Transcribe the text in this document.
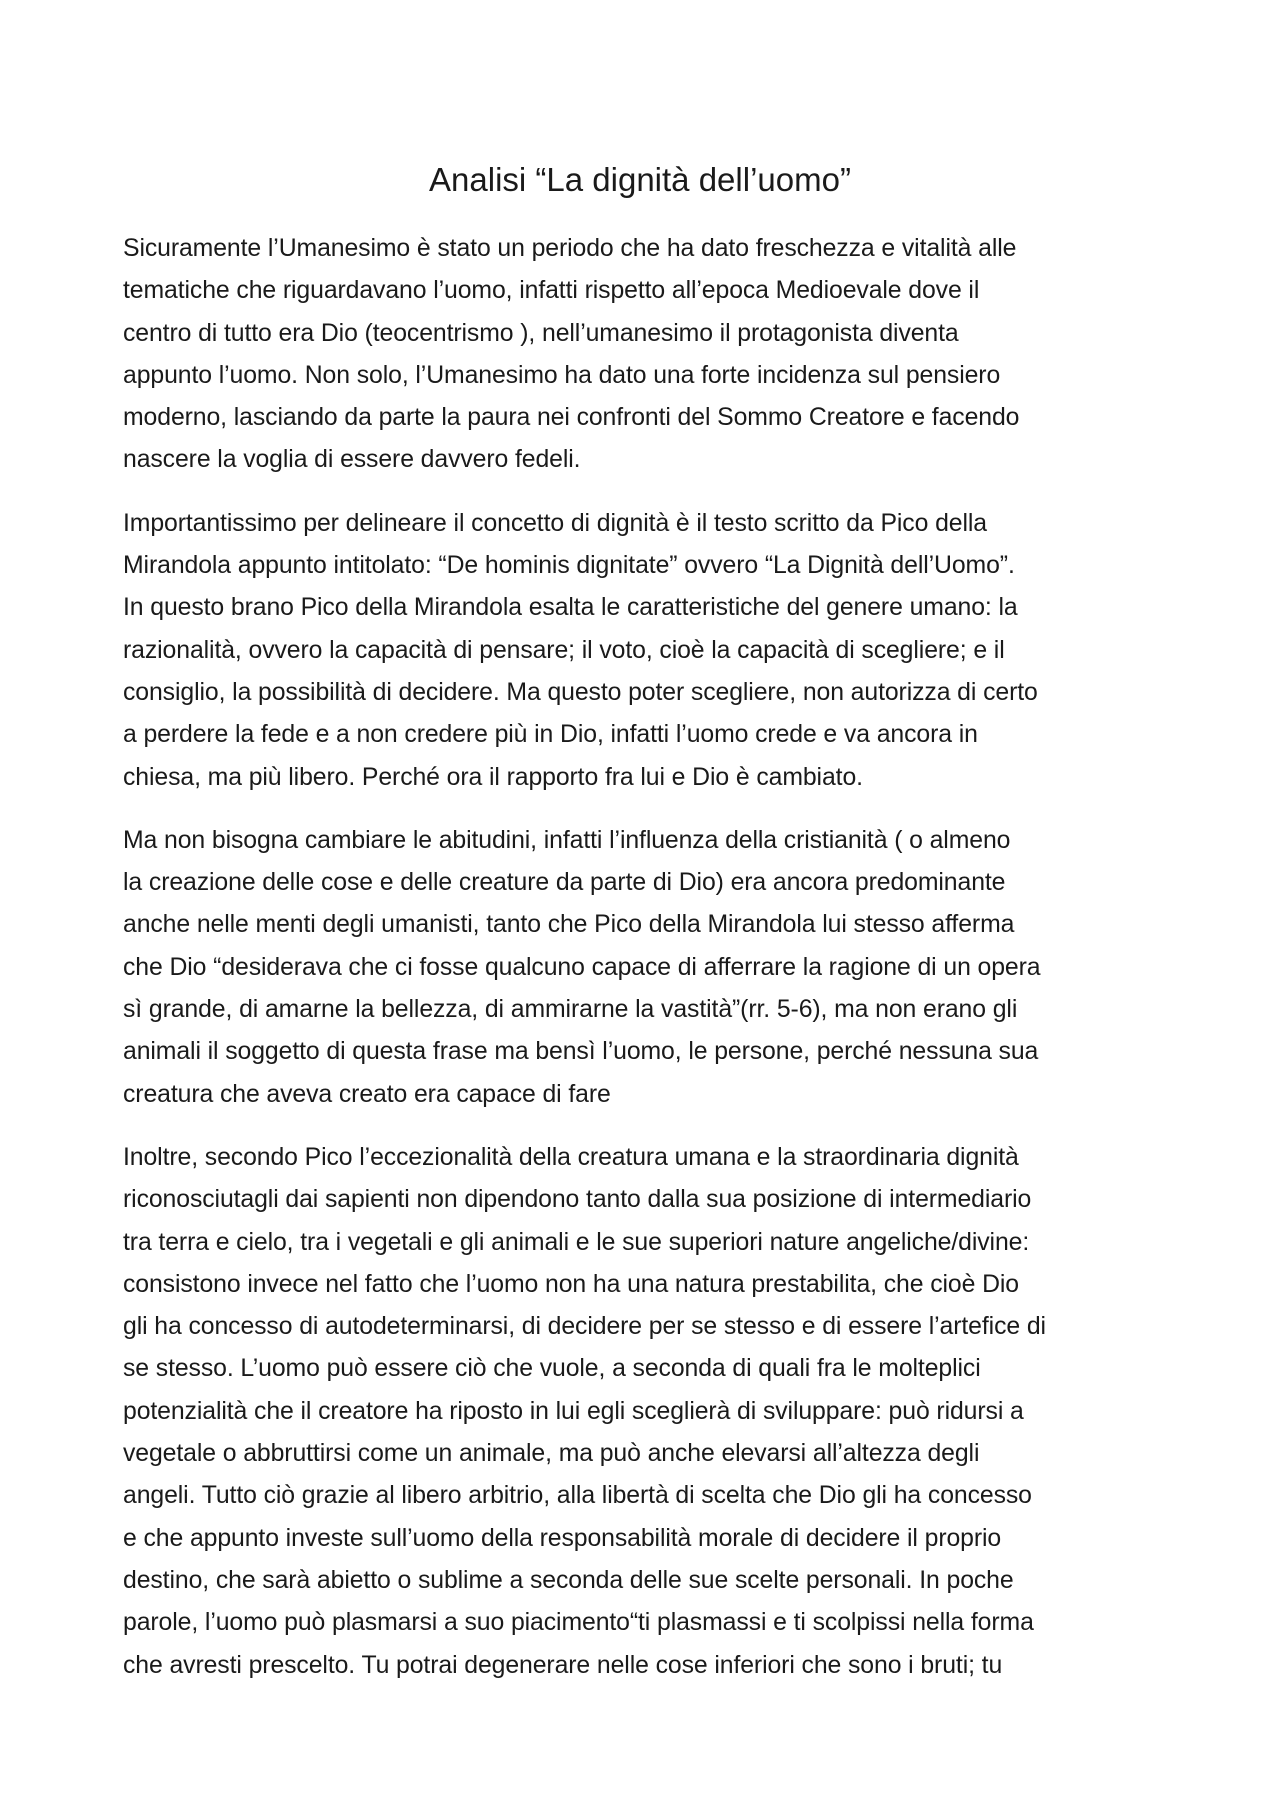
Analisi “La dignità dell’uomo”
Sicuramente l’Umanesimo è stato un periodo che ha dato freschezza e vitalità alle
tematiche che riguardavano l’uomo, infatti rispetto all’epoca Medioevale dove il
centro di tutto era Dio (teocentrismo ), nell’umanesimo il protagonista diventa
appunto l’uomo. Non solo, l’Umanesimo ha dato una forte incidenza sul pensiero
moderno, lasciando da parte la paura nei confronti del Sommo Creatore e facendo
nascere la voglia di essere davvero fedeli.
Importantissimo per delineare il concetto di dignità è il testo scritto da Pico della
Mirandola appunto intitolato: “De hominis dignitate” ovvero “La Dignità dell’Uomo”.
In questo brano Pico della Mirandola esalta le caratteristiche del genere umano: la
razionalità, ovvero la capacità di pensare; il voto, cioè la capacità di scegliere; e il
consiglio, la possibilità di decidere. Ma questo poter scegliere, non autorizza di certo
a perdere la fede e a non credere più in Dio, infatti l’uomo crede e va ancora in
chiesa, ma più libero. Perché ora il rapporto fra lui e Dio è cambiato.
Ma non bisogna cambiare le abitudini, infatti l’influenza della cristianità ( o almeno
la creazione delle cose e delle creature da parte di Dio) era ancora predominante
anche nelle menti degli umanisti, tanto che Pico della Mirandola lui stesso afferma
che Dio “desiderava che ci fosse qualcuno capace di afferrare la ragione di un opera
sì grande, di amarne la bellezza, di ammirarne la vastità”(rr. 5-6), ma non erano gli
animali il soggetto di questa frase ma bensì l’uomo, le persone, perché nessuna sua
creatura che aveva creato era capace di fare
Inoltre, secondo Pico l’eccezionalità della creatura umana e la straordinaria dignità
riconosciutagli dai sapienti non dipendono tanto dalla sua posizione di intermediario
tra terra e cielo, tra i vegetali e gli animali e le sue superiori nature angeliche/divine:
consistono invece nel fatto che l’uomo non ha una natura prestabilita, che cioè Dio
gli ha concesso di autodeterminarsi, di decidere per se stesso e di essere l’artefice di
se stesso. L’uomo può essere ciò che vuole, a seconda di quali fra le molteplici
potenzialità che il creatore ha riposto in lui egli sceglierà di sviluppare: può ridursi a
vegetale o abbruttirsi come un animale, ma può anche elevarsi all’altezza degli
angeli. Tutto ciò grazie al libero arbitrio, alla libertà di scelta che Dio gli ha concesso
e che appunto investe sull’uomo della responsabilità morale di decidere il proprio
destino, che sarà abietto o sublime a seconda delle sue scelte personali. In poche
parole, l’uomo può plasmarsi a suo piacimento“ti plasmassi e ti scolpissi nella forma
che avresti prescelto. Tu potrai degenerare nelle cose inferiori che sono i bruti; tu
